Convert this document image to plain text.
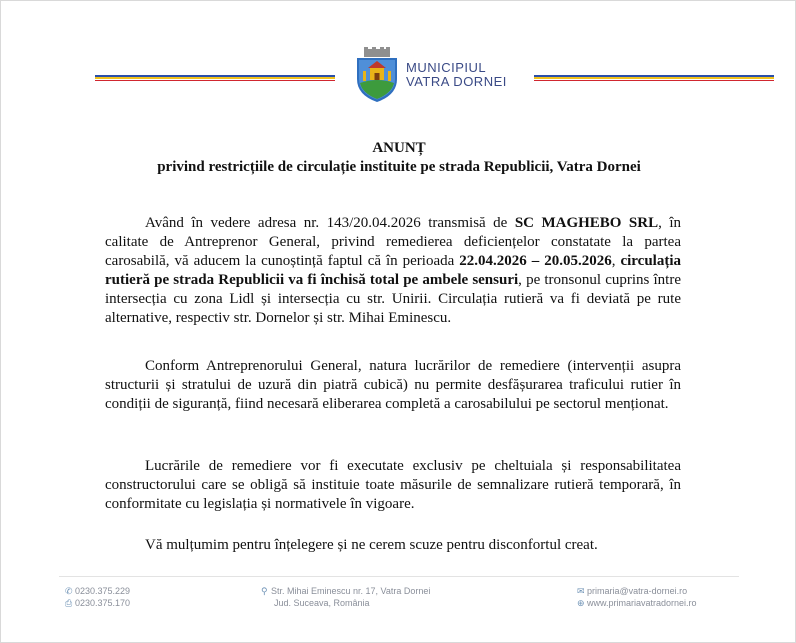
MUNICIPIUL
VATRA DORNEI
ANUNȚ
privind restricțiile de circulație instituite pe strada Republicii, Vatra Dornei

Având în vedere adresa nr. 143/20.04.2026 transmisă de SC MAGHEBO SRL, în calitate de Antreprenor General, privind remedierea deficiențelor constatate la partea carosabilă, vă aducem la cunoștință faptul că în perioada 22.04.2026 – 20.05.2026, circulația rutieră pe strada Republicii va fi închisă total pe ambele sensuri, pe tronsonul cuprins între intersecția cu zona Lidl și intersecția cu str. Unirii. Circulația rutieră va fi deviată pe rute alternative, respectiv str. Dornelor și str. Mihai Eminescu.

Conform Antreprenorului General, natura lucrărilor de remediere (intervenții asupra structurii și stratului de uzură din piatră cubică) nu permite desfășurarea traficului rutier în condiții de siguranță, fiind necesară eliberarea completă a carosabilului pe sectorul menționat.

Lucrările de remediere vor fi executate exclusiv pe cheltuiala și responsabilitatea constructorului care se obligă să instituie toate măsurile de semnalizare rutieră temporară, în conformitate cu legislația și normativele în vigoare.

Vă mulțumim pentru înțelegere și ne cerem scuze pentru disconfortul creat.

✆ 0230.375.229
⎙ 0230.375.170
⚲ Str. Mihai Eminescu nr. 17, Vatra Dornei
Jud. Suceava, România
✉ primaria@vatra-dornei.ro
⊕ www.primariavatradornei.ro
